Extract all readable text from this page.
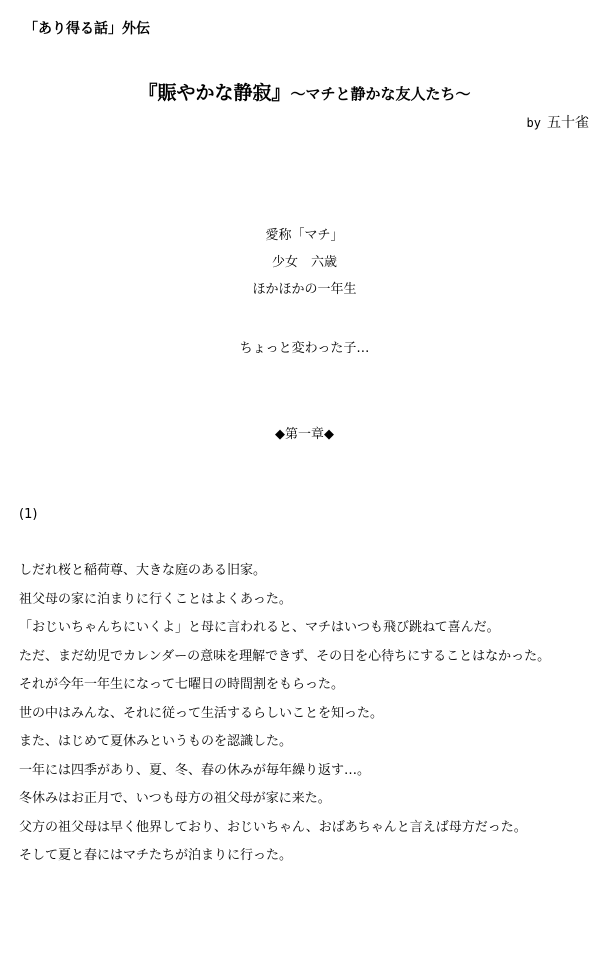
「あり得る話」外伝
『賑やかな静寂』～マチと静かな友人たち～
by 五十雀
愛称「マチ」
少女　六歳
ほかほかの一年生
ちょっと変わった子…
◆第一章◆
(1)
しだれ桜と稲荷尊、大きな庭のある旧家。
祖父母の家に泊まりに行くことはよくあった。
「おじいちゃんちにいくよ」と母に言われると、マチはいつも飛び跳ねて喜んだ。
ただ、まだ幼児でカレンダーの意味を理解できず、その日を心待ちにすることはなかった。
それが今年一年生になって七曜日の時間割をもらった。
世の中はみんな、それに従って生活するらしいことを知った。
また、はじめて夏休みというものを認識した。
一年には四季があり、夏、冬、春の休みが毎年繰り返す…。
冬休みはお正月で、いつも母方の祖父母が家に来た。
父方の祖父母は早く他界しており、おじいちゃん、おばあちゃんと言えば母方だった。
そして夏と春にはマチたちが泊まりに行った。
